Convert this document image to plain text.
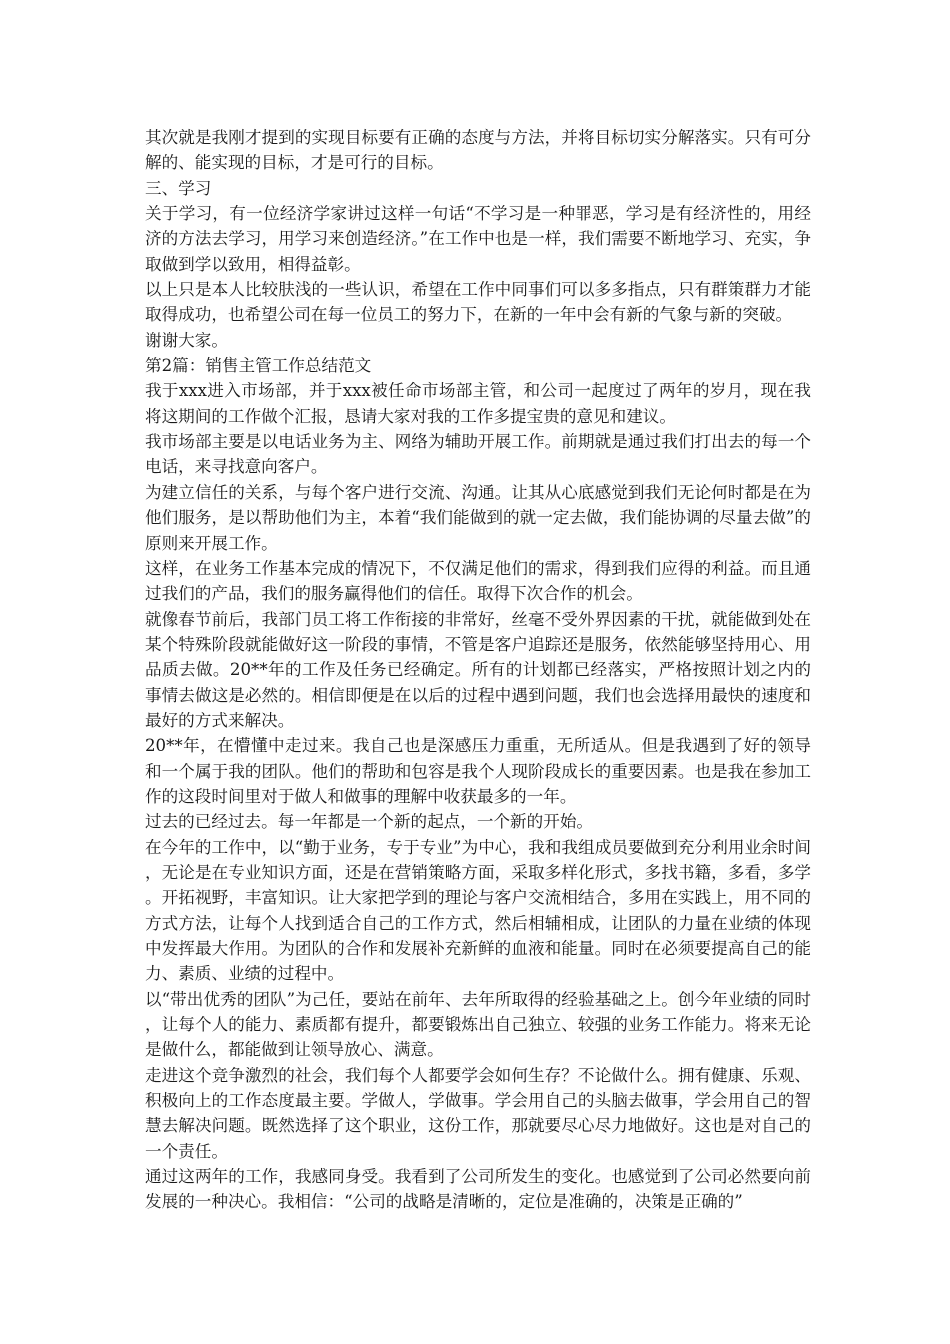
其次就是我刚才提到的实现目标要有正确的态度与方法，并将目标切实分解落实。只有可分解的、能实现的目标，才是可行的目标。

三、学习

关于学习，有一位经济学家讲过这样一句话“不学习是一种罪恶，学习是有经济性的，用经济的方法去学习，用学习来创造经济。”在工作中也是一样，我们需要不断地学习、充实，争取做到学以致用，相得益彰。

以上只是本人比较肤浅的一些认识，希望在工作中同事们可以多多指点，只有群策群力才能取得成功，也希望公司在每一位员工的努力下，在新的一年中会有新的气象与新的突破。

谢谢大家。

第2篇：销售主管工作总结范文

我于xxx进入市场部，并于xxx被任命市场部主管，和公司一起度过了两年的岁月，现在我将这期间的工作做个汇报，恳请大家对我的工作多提宝贵的意见和建议。

我市场部主要是以电话业务为主、网络为辅助开展工作。前期就是通过我们打出去的每一个电话，来寻找意向客户。

为建立信任的关系，与每个客户进行交流、沟通。让其从心底感觉到我们无论何时都是在为他们服务，是以帮助他们为主，本着“我们能做到的就一定去做，我们能协调的尽量去做”的原则来开展工作。

这样，在业务工作基本完成的情况下，不仅满足他们的需求，得到我们应得的利益。而且通过我们的产品，我们的服务赢得他们的信任。取得下次合作的机会。

就像春节前后，我部门员工将工作衔接的非常好，丝毫不受外界因素的干扰，就能做到处在某个特殊阶段就能做好这一阶段的事情，不管是客户追踪还是服务，依然能够坚持用心、用品质去做。20**年的工作及任务已经确定。所有的计划都已经落实，严格按照计划之内的事情去做这是必然的。相信即便是在以后的过程中遇到问题，我们也会选择用最快的速度和最好的方式来解决。

20**年，在懵懂中走过来。我自己也是深感压力重重，无所适从。但是我遇到了好的领导和一个属于我的团队。他们的帮助和包容是我个人现阶段成长的重要因素。也是我在参加工作的这段时间里对于做人和做事的理解中收获最多的一年。

过去的已经过去。每一年都是一个新的起点，一个新的开始。

在今年的工作中，以“勤于业务，专于专业”为中心，我和我组成员要做到充分利用业余时间，无论是在专业知识方面，还是在营销策略方面，采取多样化形式，多找书籍，多看，多学。开拓视野，丰富知识。让大家把学到的理论与客户交流相结合，多用在实践上，用不同的方式方法，让每个人找到适合自己的工作方式，然后相辅相成，让团队的力量在业绩的体现中发挥最大作用。为团队的合作和发展补充新鲜的血液和能量。同时在必须要提高自己的能力、素质、业绩的过程中。

以“带出优秀的团队”为己任，要站在前年、去年所取得的经验基础之上。创今年业绩的同时，让每个人的能力、素质都有提升，都要锻炼出自己独立、较强的业务工作能力。将来无论是做什么，都能做到让领导放心、满意。

走进这个竞争激烈的社会，我们每个人都要学会如何生存？不论做什么。拥有健康、乐观、积极向上的工作态度最主要。学做人，学做事。学会用自己的头脑去做事，学会用自己的智慧去解决问题。既然选择了这个职业，这份工作，那就要尽心尽力地做好。这也是对自己的一个责任。

通过这两年的工作，我感同身受。我看到了公司所发生的变化。也感觉到了公司必然要向前发展的一种决心。我相信：“公司的战略是清晰的，定位是准确的，决策是正确的”
